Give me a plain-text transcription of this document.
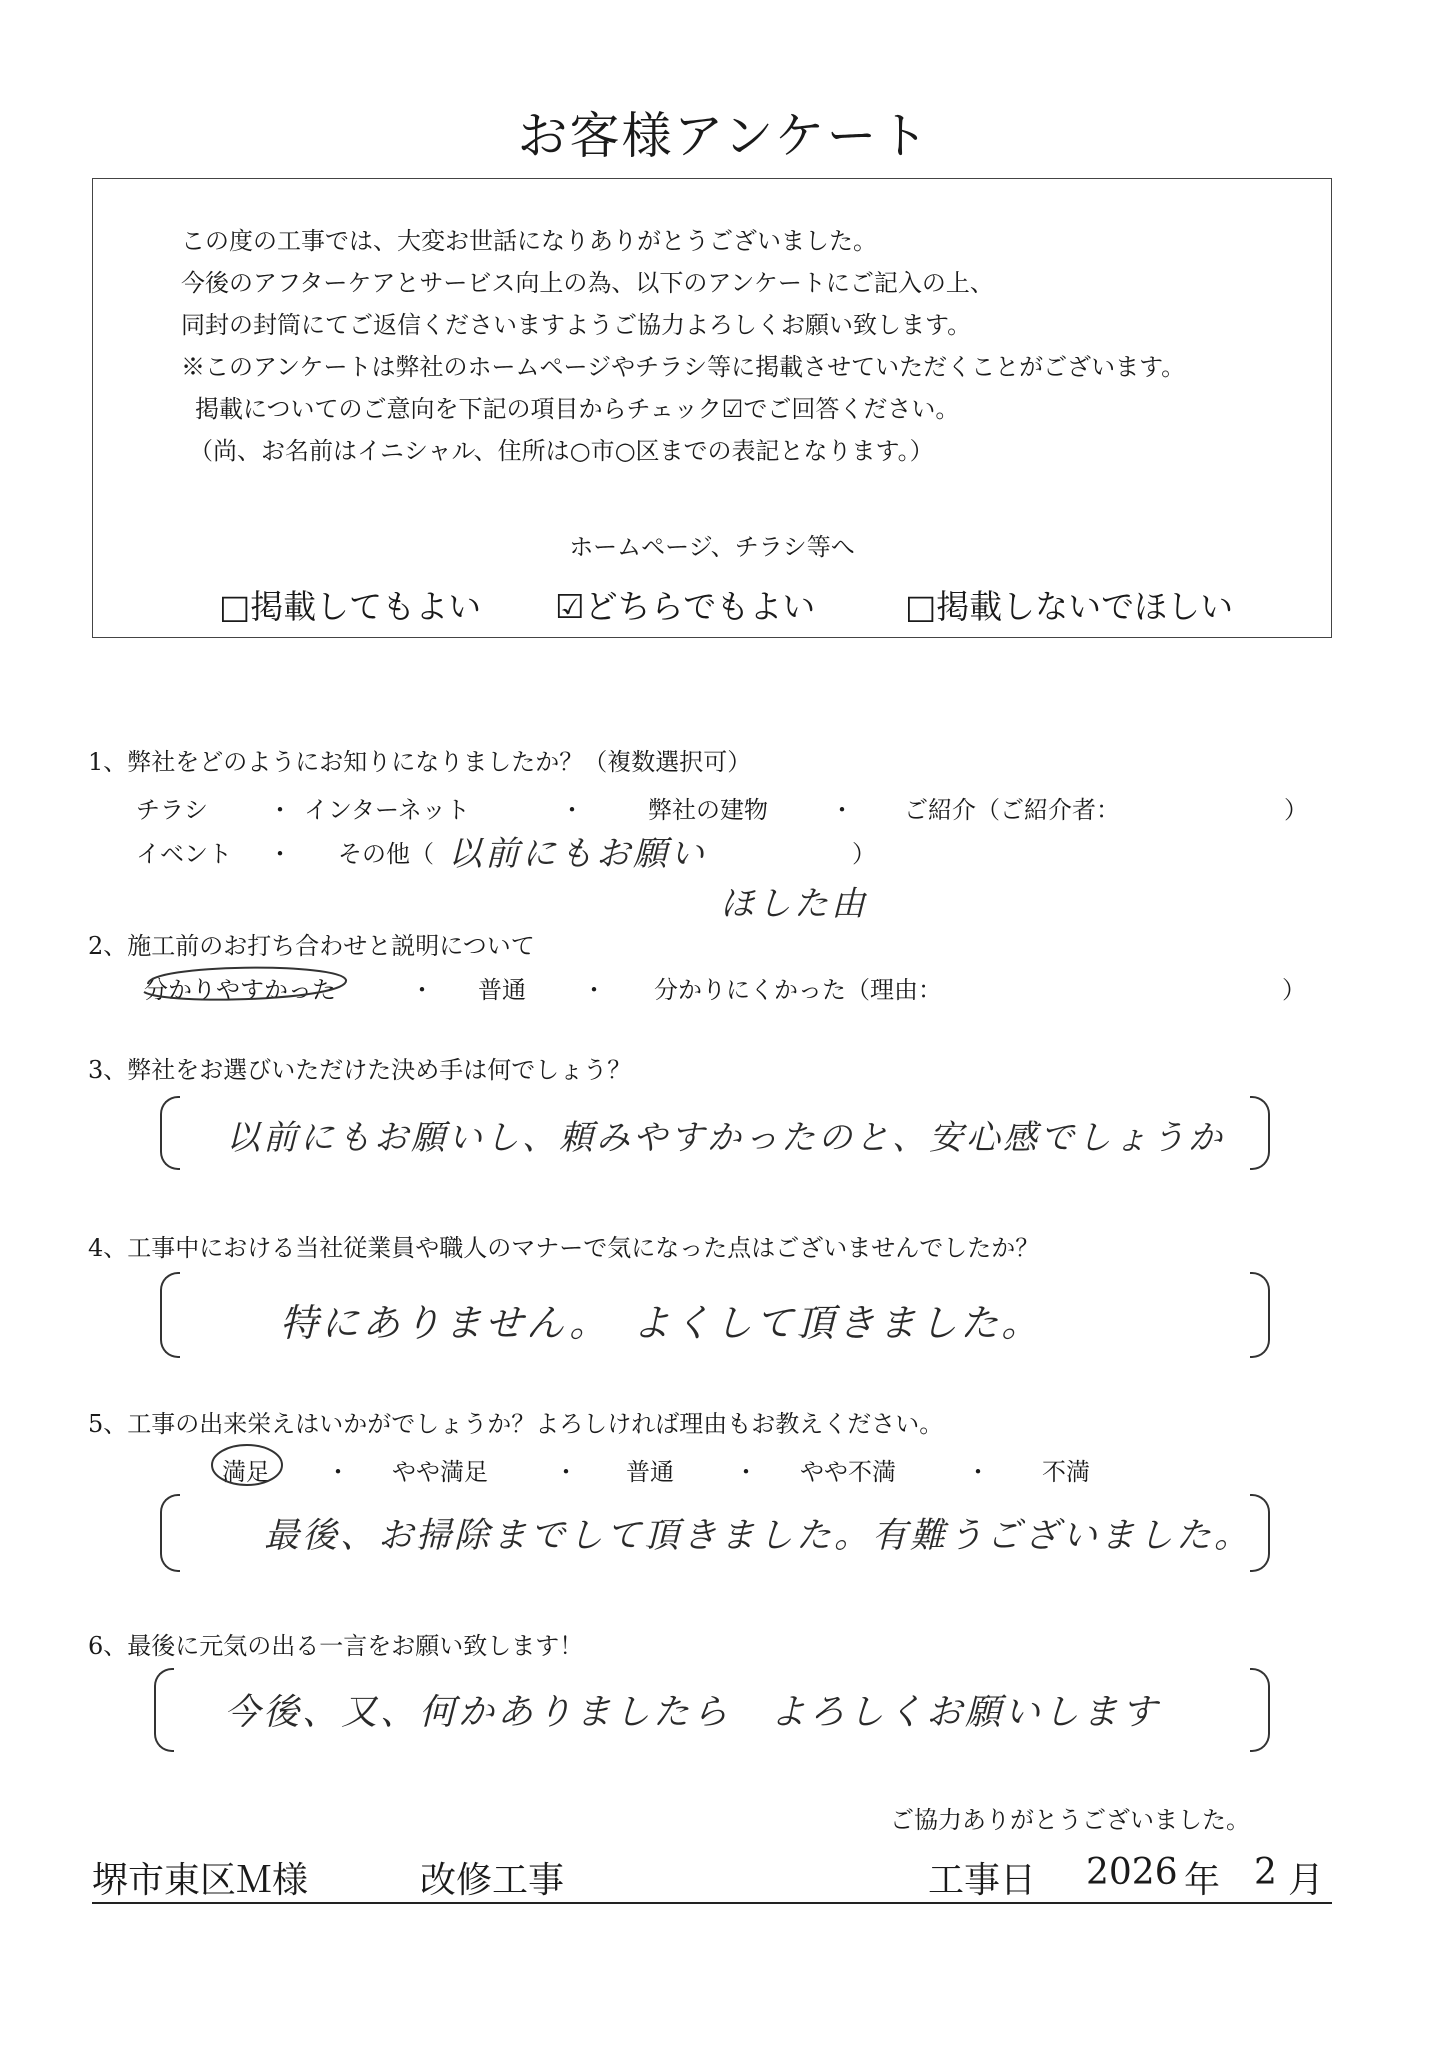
お客様アンケート
この度の工事では、大変お世話になりありがとうございました。
今後のアフターケアとサービス向上の為、以下のアンケートにご記入の上、
同封の封筒にてご返信くださいますようご協力よろしくお願い致します。
※このアンケートは弊社のホームページやチラシ等に掲載させていただくことがございます。
掲載についてのご意向を下記の項目からチェック☑でご回答ください。
（尚、お名前はイニシャル、住所は○市○区までの表記となります。）
ホームページ、チラシ等へ
□掲載してもよい ☑どちらでもよい	□掲載しないでほしい
1、弊社をどのようにお知りになりましたか？（複数選択可）
チラシ	・ インターネット	・	弊社の建物	・ ご紹介（ご紹介者：	）
イベント ・ その他（ 以前にもお願い	）
ほした由
2、施工前のお打ち合わせと説明について
分かりやすかった	・ 普通 ・ 分かりにくかった（理由：	）
3、弊社をお選びいただけた決め手は何でしょう？
以前にもお願いし、頼みやすかったのと、安心感でしょうか
4、工事中における当社従業員や職人のマナーで気になった点はございませんでしたか？
特にありません。　よくして頂きました。
5、工事の出来栄えはいかがでしょうか？よろしければ理由もお教えください。
満足 ・ やや満足	・ 普通	・ やや不満	・ 不満
最後、お掃除までして頂きました。有難うございました。
6、最後に元気の出る一言をお願い致します！
今後、又、何かありましたら　よろしくお願いします
ご協力ありがとうございました。
堺市東区Ｍ様	改修工事	工事日 2026 年 2 月
